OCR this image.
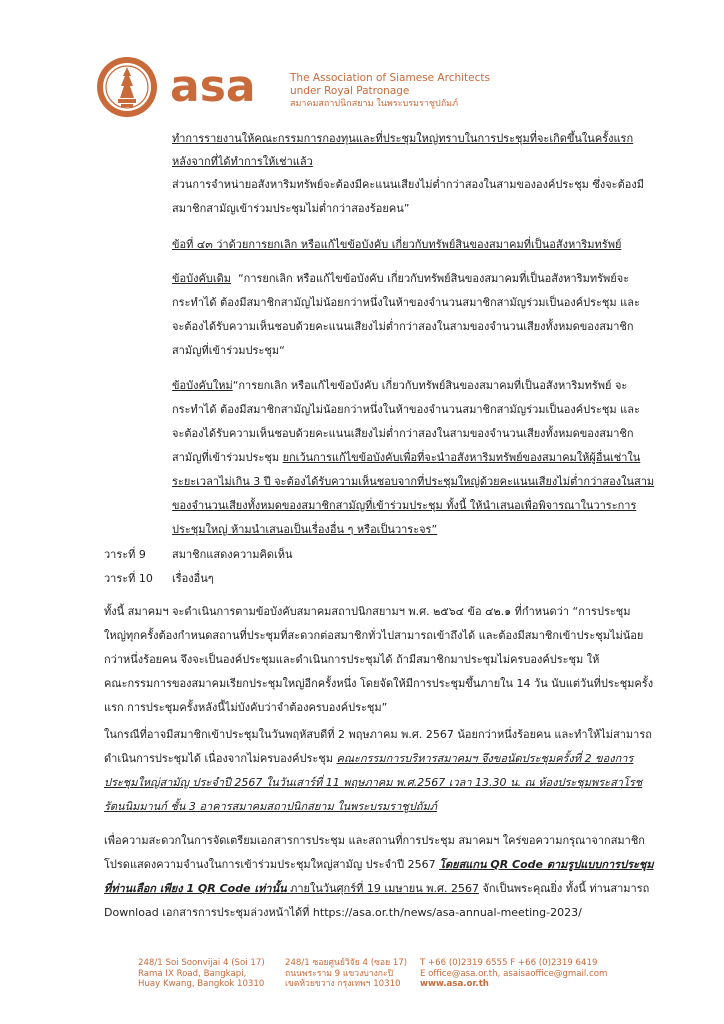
asa	The Association of Siamese Architects
under Royal Patronage
สมาคมสถาปนิกสยาม ในพระบรมราชูปถัมภ์
ทำการรายงานให้คณะกรรมการกองทุนและที่ประชุมใหญ่ทราบในการประชุมที่จะเกิดขึ้นในครั้งแรก
หลังจากที่ได้ทำการให้เช่าแล้ว
ส่วนการจำหน่ายอสังหาริมทรัพย์จะต้องมีคะแนนเสียงไม่ต่ำกว่าสองในสามขององค์ประชุม ซึ่งจะต้องมี
สมาชิกสามัญเข้าร่วมประชุมไม่ต่ำกว่าสองร้อยคน”
ข้อที่ ๔๓ ว่าด้วยการยกเลิก หรือแก้ไขข้อบังคับ เกี่ยวกับทรัพย์สินของสมาคมที่เป็นอสังหาริมทรัพย์
ข้อบังคับเดิม “การยกเลิก หรือแก้ไขข้อบังคับ เกี่ยวกับทรัพย์สินของสมาคมที่เป็นอสังหาริมทรัพย์จะ
กระทำได้ ต้องมีสมาชิกสามัญไม่น้อยกว่าหนึ่งในห้าของจำนวนสมาชิกสามัญร่วมเป็นองค์ประชุม และ
จะต้องได้รับความเห็นชอบด้วยคะแนนเสียงไม่ต่ำกว่าสองในสามของจำนวนเสียงทั้งหมดของสมาชิก
สามัญที่เข้าร่วมประชุม“
ข้อบังคับใหม่“การยกเลิก หรือแก้ไขข้อบังคับ เกี่ยวกับทรัพย์สินของสมาคมที่เป็นอสังหาริมทรัพย์ จะ
กระทำได้ ต้องมีสมาชิกสามัญไม่น้อยกว่าหนึ่งในห้าของจำนวนสมาชิกสามัญร่วมเป็นองค์ประชุม และ
จะต้องได้รับความเห็นชอบด้วยคะแนนเสียงไม่ต่ำกว่าสองในสามของจำนวนเสียงทั้งหมดของสมาชิก
สามัญที่เข้าร่วมประชุม ยกเว้นการแก้ไขข้อบังคับเพื่อที่จะนำอสังหาริมทรัพย์ของสมาคมให้ผู้อื่นเช่าใน
ระยะเวลาไม่เกิน 3 ปี จะต้องได้รับความเห็นชอบจากที่ประชุมใหญ่ด้วยคะแนนเสียงไม่ต่ำกว่าสองในสาม
ของจำนวนเสียงทั้งหมดของสมาชิกสามัญที่เข้าร่วมประชุม ทั้งนี้ ให้นำเสนอเพื่อพิจารณาในวาระการ
ประชุมใหญ่ ห้ามนำเสนอเป็นเรื่องอื่น ๆ หรือเป็นวาระจร”
วาระที่ 9 สมาชิกแสดงความคิดเห็น
วาระที่ 10 เรื่องอื่นๆ
ทั้งนี้ สมาคมฯ จะดำเนินการตามข้อบังคับสมาคมสถาปนิกสยามฯ พ.ศ. ๒๕๖๔ ข้อ ๔๒.๑ ที่กำหนดว่า “การประชุม
ใหญ่ทุกครั้งต้องกำหนดสถานที่ประชุมที่สะดวกต่อสมาชิกทั่วไปสามารถเข้าถึงได้ และต้องมีสมาชิกเข้าประชุมไม่น้อย
กว่าหนึ่งร้อยคน จึงจะเป็นองค์ประชุมและดำเนินการประชุมได้ ถ้ามีสมาชิกมาประชุมไม่ครบองค์ประชุม ให้
คณะกรรมการของสมาคมเรียกประชุมใหญ่อีกครั้งหนึ่ง โดยจัดให้มีการประชุมขึ้นภายใน 14 วัน นับแต่วันที่ประชุมครั้ง
แรก การประชุมครั้งหลังนี้ไม่บังคับว่าจำต้องครบองค์ประชุม”
ในกรณีที่อาจมีสมาชิกเข้าประชุมในวันพฤหัสบดีที่ 2 พฤษภาคม พ.ศ. 2567 น้อยกว่าหนึ่งร้อยคน และทำให้ไม่สามารถ
ดำเนินการประชุมได้ เนื่องจากไม่ครบองค์ประชุม คณะกรรมการบริหารสมาคมฯ จึงขอนัดประชุมครั้งที่ 2 ของการ
ประชุมใหญ่สามัญ ประจำปี 2567 ในวันเสาร์ที่ 11 พฤษภาคม พ.ศ.2567 เวลา 13.30 น. ณ ห้องประชุมพระสาโรช
รัตนนิมมานก์ ชั้น 3 อาคารสมาคมสถาปนิกสยาม ในพระบรมราชูปถัมภ์
เพื่อความสะดวกในการจัดเตรียมเอกสารการประชุม และสถานที่การประชุม สมาคมฯ ใคร่ขอความกรุณาจากสมาชิก
โปรดแสดงความจำนงในการเข้าร่วมประชุมใหญ่สามัญ ประจำปี 2567 โดยสแกน QR Code ตามรูปแบบการประชุม
ที่ท่านเลือก เพียง 1 QR Code เท่านั้น ภายในวันศุกร์ที่ 19 เมษายน พ.ศ. 2567 จักเป็นพระคุณยิ่ง ทั้งนี้ ท่านสามารถ
Download เอกสารการประชุมล่วงหน้าได้ที่ https://asa.or.th/news/asa-annual-meeting-2023/
248/1 Soi Soonvijai 4 (Soi 17)
Rama IX Road, Bangkapi,
Huay Kwang, Bangkok 10310
248/1 ซอยศูนย์วิจัย 4 (ซอย 17)
ถนนพระราม 9 แขวงบางกะปิ
เขตห้วยขวาง กรุงเทพฯ 10310
T +66 (0)2319 6555 F +66 (0)2319 6419
E office@asa.or.th, asaisaoffice@gmail.com
www.asa.or.th
